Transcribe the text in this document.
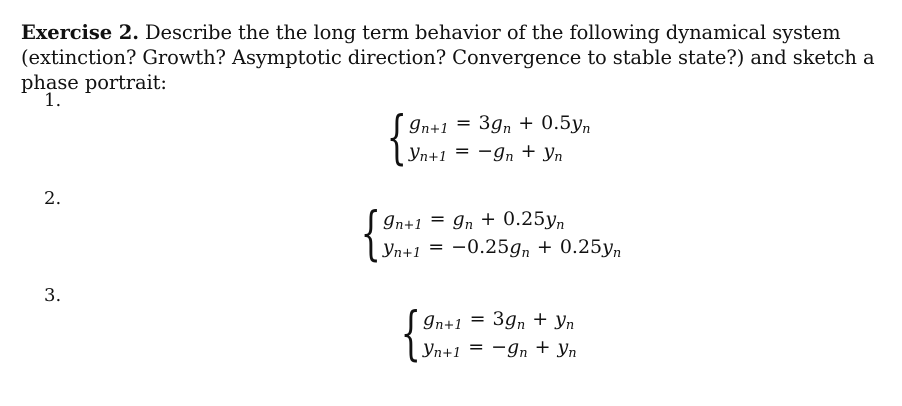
Exercise 2. Describe the the long term behavior of the following dynamical system (extinction? Growth? Asymptotic direction? Convergence to stable state?) and sketch a phase portrait:
1.
{ $g_{n+1} = 3g_n + 0.5y_n$
$y_{n+1} = -g_n + y_n$
2.
{ $g_{n+1} = g_n + 0.25y_n$
$y_{n+1} = -0.25g_n + 0.25y_n$
3.
{ $g_{n+1} = 3g_n + y_n$
$y_{n+1} = -g_n + y_n$
